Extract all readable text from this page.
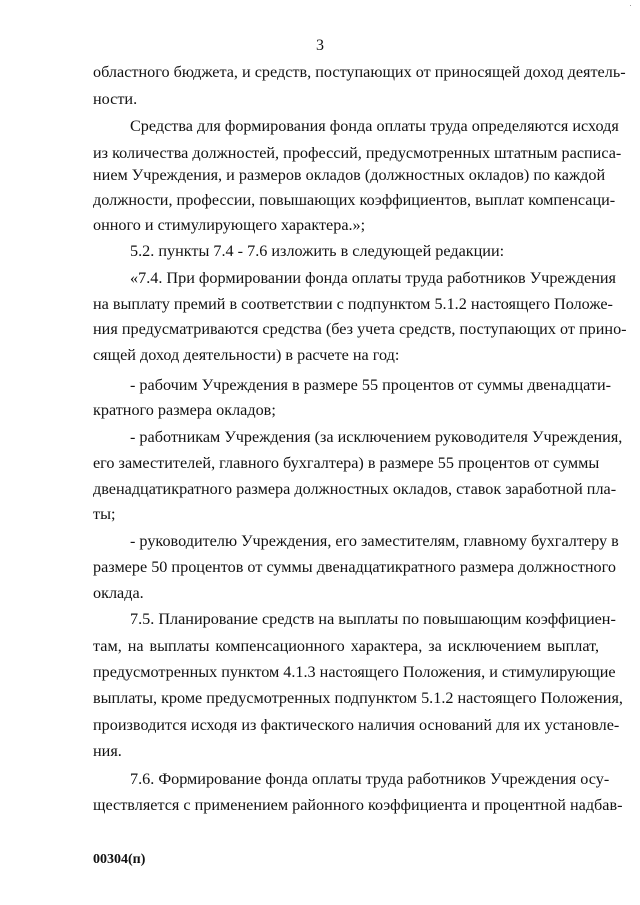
·
3
областного бюджета, и средств, поступающих от приносящей доход деятель-
ности.
Средства для формирования фонда оплаты труда определяются исходя
из количества должностей, профессий, предусмотренных штатным расписа-
нием Учреждения, и размеров окладов (должностных окладов) по каждой
должности, профессии, повышающих коэффициентов, выплат компенсаци-
онного и стимулирующего характера.»;
5.2. пункты 7.4 - 7.6 изложить в следующей редакции:
«7.4. При формировании фонда оплаты труда работников Учреждения
на выплату премий в соответствии с подпунктом 5.1.2 настоящего Положе-
ния предусматриваются средства (без учета средств, поступающих от прино-
сящей доход деятельности) в расчете на год:
- рабочим Учреждения в размере 55 процентов от суммы двенадцати-
кратного размера окладов;
- работникам Учреждения (за исключением руководителя Учреждения,
его заместителей, главного бухгалтера) в размере 55 процентов от суммы
двенадцатикратного размера должностных окладов, ставок заработной пла-
ты;
- руководителю Учреждения, его заместителям, главному бухгалтеру в
размере 50 процентов от суммы двенадцатикратного размера должностного
оклада.
7.5. Планирование средств на выплаты по повышающим коэффициен-
там, на выплаты компенсационного характера, за исключением выплат,
предусмотренных пунктом 4.1.3 настоящего Положения, и стимулирующие
выплаты, кроме предусмотренных подпунктом 5.1.2 настоящего Положения,
производится исходя из фактического наличия оснований для их установле-
ния.
7.6. Формирование фонда оплаты труда работников Учреждения осу-
ществляется с применением районного коэффициента и процентной надбав-
00304(п)
